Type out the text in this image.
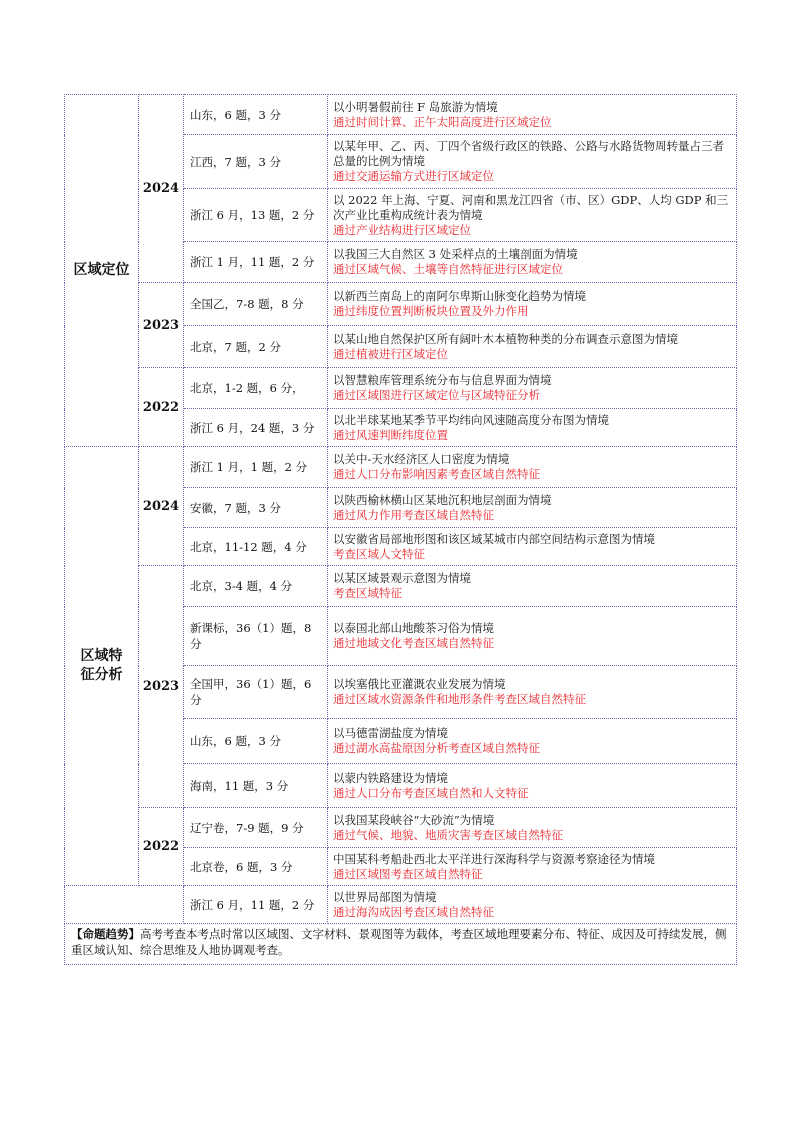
区域定位	2024	山东，6 题，3 分	以小明暑假前往 F 岛旅游为情境
通过时间计算、正午太阳高度进行区域定位

		江西，7 题，3 分	以某年甲、乙、丙、丁四个省级行政区的铁路、公路与水路货物周转量占三者总量的比例为情境
通过交通运输方式进行区域定位

		浙江 6 月，13 题，2 分	以 2022 年上海、宁夏、河南和黑龙江四省（市、区）GDP、人均 GDP 和三次产业比重构成统计表为情境
通过产业结构进行区域定位

		浙江 1 月，11 题，2 分	以我国三大自然区 3 处采样点的土壤剖面为情境
通过区域气候、土壤等自然特征进行区域定位

	2023	全国乙，7-8 题，8 分	以新西兰南岛上的南阿尔卑斯山脉变化趋势为情境
通过纬度位置判断板块位置及外力作用

		北京，7 题，2 分	以某山地自然保护区所有阔叶木本植物种类的分布调查示意图为情境
通过植被进行区域定位

	2022	北京，1-2 题，6 分，	以智慧粮库管理系统分布与信息界面为情境
通过区域图进行区域定位与区域特征分析

		浙江 6 月，24 题，3 分	以北半球某地某季节平均纬向风速随高度分布图为情境
通过风速判断纬度位置

区域特征分析	2024	浙江 1 月，1 题，2 分	以关中-天水经济区人口密度为情境
通过人口分布影响因素考查区域自然特征

		安徽，7 题，3 分	以陕西榆林横山区某地沉积地层剖面为情境
通过风力作用考查区域自然特征

		北京，11-12 题，4 分	以安徽省局部地形图和该区域某城市内部空间结构示意图为情境
考查区域人文特征

	2023	北京，3-4 题，4 分	以某区域景观示意图为情境
考查区域特征

		新课标，36（1）题，8 分	以泰国北部山地酸茶习俗为情境
通过地域文化考查区域自然特征

		全国甲，36（1）题，6 分	以埃塞俄比亚灌溉农业发展为情境
通过区域水资源条件和地形条件考查区域自然特征

		山东，6 题，3 分	以马德雷湖盐度为情境
通过湖水高盐原因分析考查区域自然特征

		海南，11 题，3 分	以蒙内铁路建设为情境
通过人口分布考查区域自然和人文特征

	2022	辽宁卷，7-9 题，9 分	以我国某段峡谷“大砂流”为情境
通过气候、地貌、地质灾害考查区域自然特征

		北京卷，6 题，3 分	中国某科考船赴西北太平洋进行深海科学与资源考察途径为情境
通过区域图考查区域自然特征

		浙江 6 月，11 题，2 分	以世界局部图为情境
通过海沟成因考查区域自然特征

【命题趋势】高考考查本考点时常以区域图、文字材料、景观图等为载体，考查区域地理要素分布、特征、成因及可持续发展，侧重区域认知、综合思维及人地协调观考查。			
